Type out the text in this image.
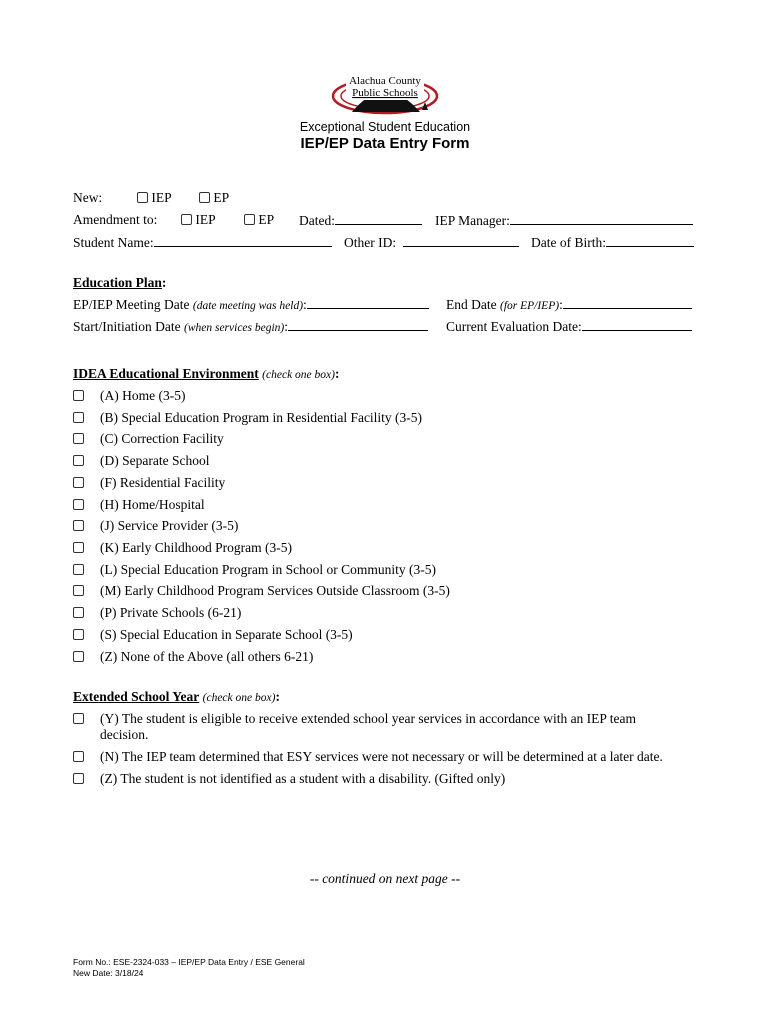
Alachua County
Public Schools
Exceptional Student Education
IEP/EP Data Entry Form
New:	IEP	EP
Amendment to:	IEP	EP Dated:	IEP Manager:
Student Name:	Other ID:	Date of Birth:
Education Plan:
EP/IEP Meeting Date (date meeting was held):	End Date (for EP/IEP):
Start/Initiation Date (when services begin):	Current Evaluation Date:
IDEA Educational Environment (check one box):
(A) Home (3-5)
(B) Special Education Program in Residential Facility (3-5)
(C) Correction Facility
(D) Separate School
(F) Residential Facility
(H) Home/Hospital
(J) Service Provider (3-5)
(K) Early Childhood Program (3-5)
(L) Special Education Program in School or Community (3-5)
(M) Early Childhood Program Services Outside Classroom (3-5)
(P) Private Schools (6-21)
(S) Special Education in Separate School (3-5)
(Z) None of the Above (all others 6-21)
Extended School Year (check one box):
(Y) The student is eligible to receive extended school year services in accordance with an IEP team
decision.
(N) The IEP team determined that ESY services were not necessary or will be determined at a later date.
(Z) The student is not identified as a student with a disability. (Gifted only)
-- continued on next page --
Form No.: ESE-2324-033 – IEP/EP Data Entry / ESE General
New Date: 3/18/24
